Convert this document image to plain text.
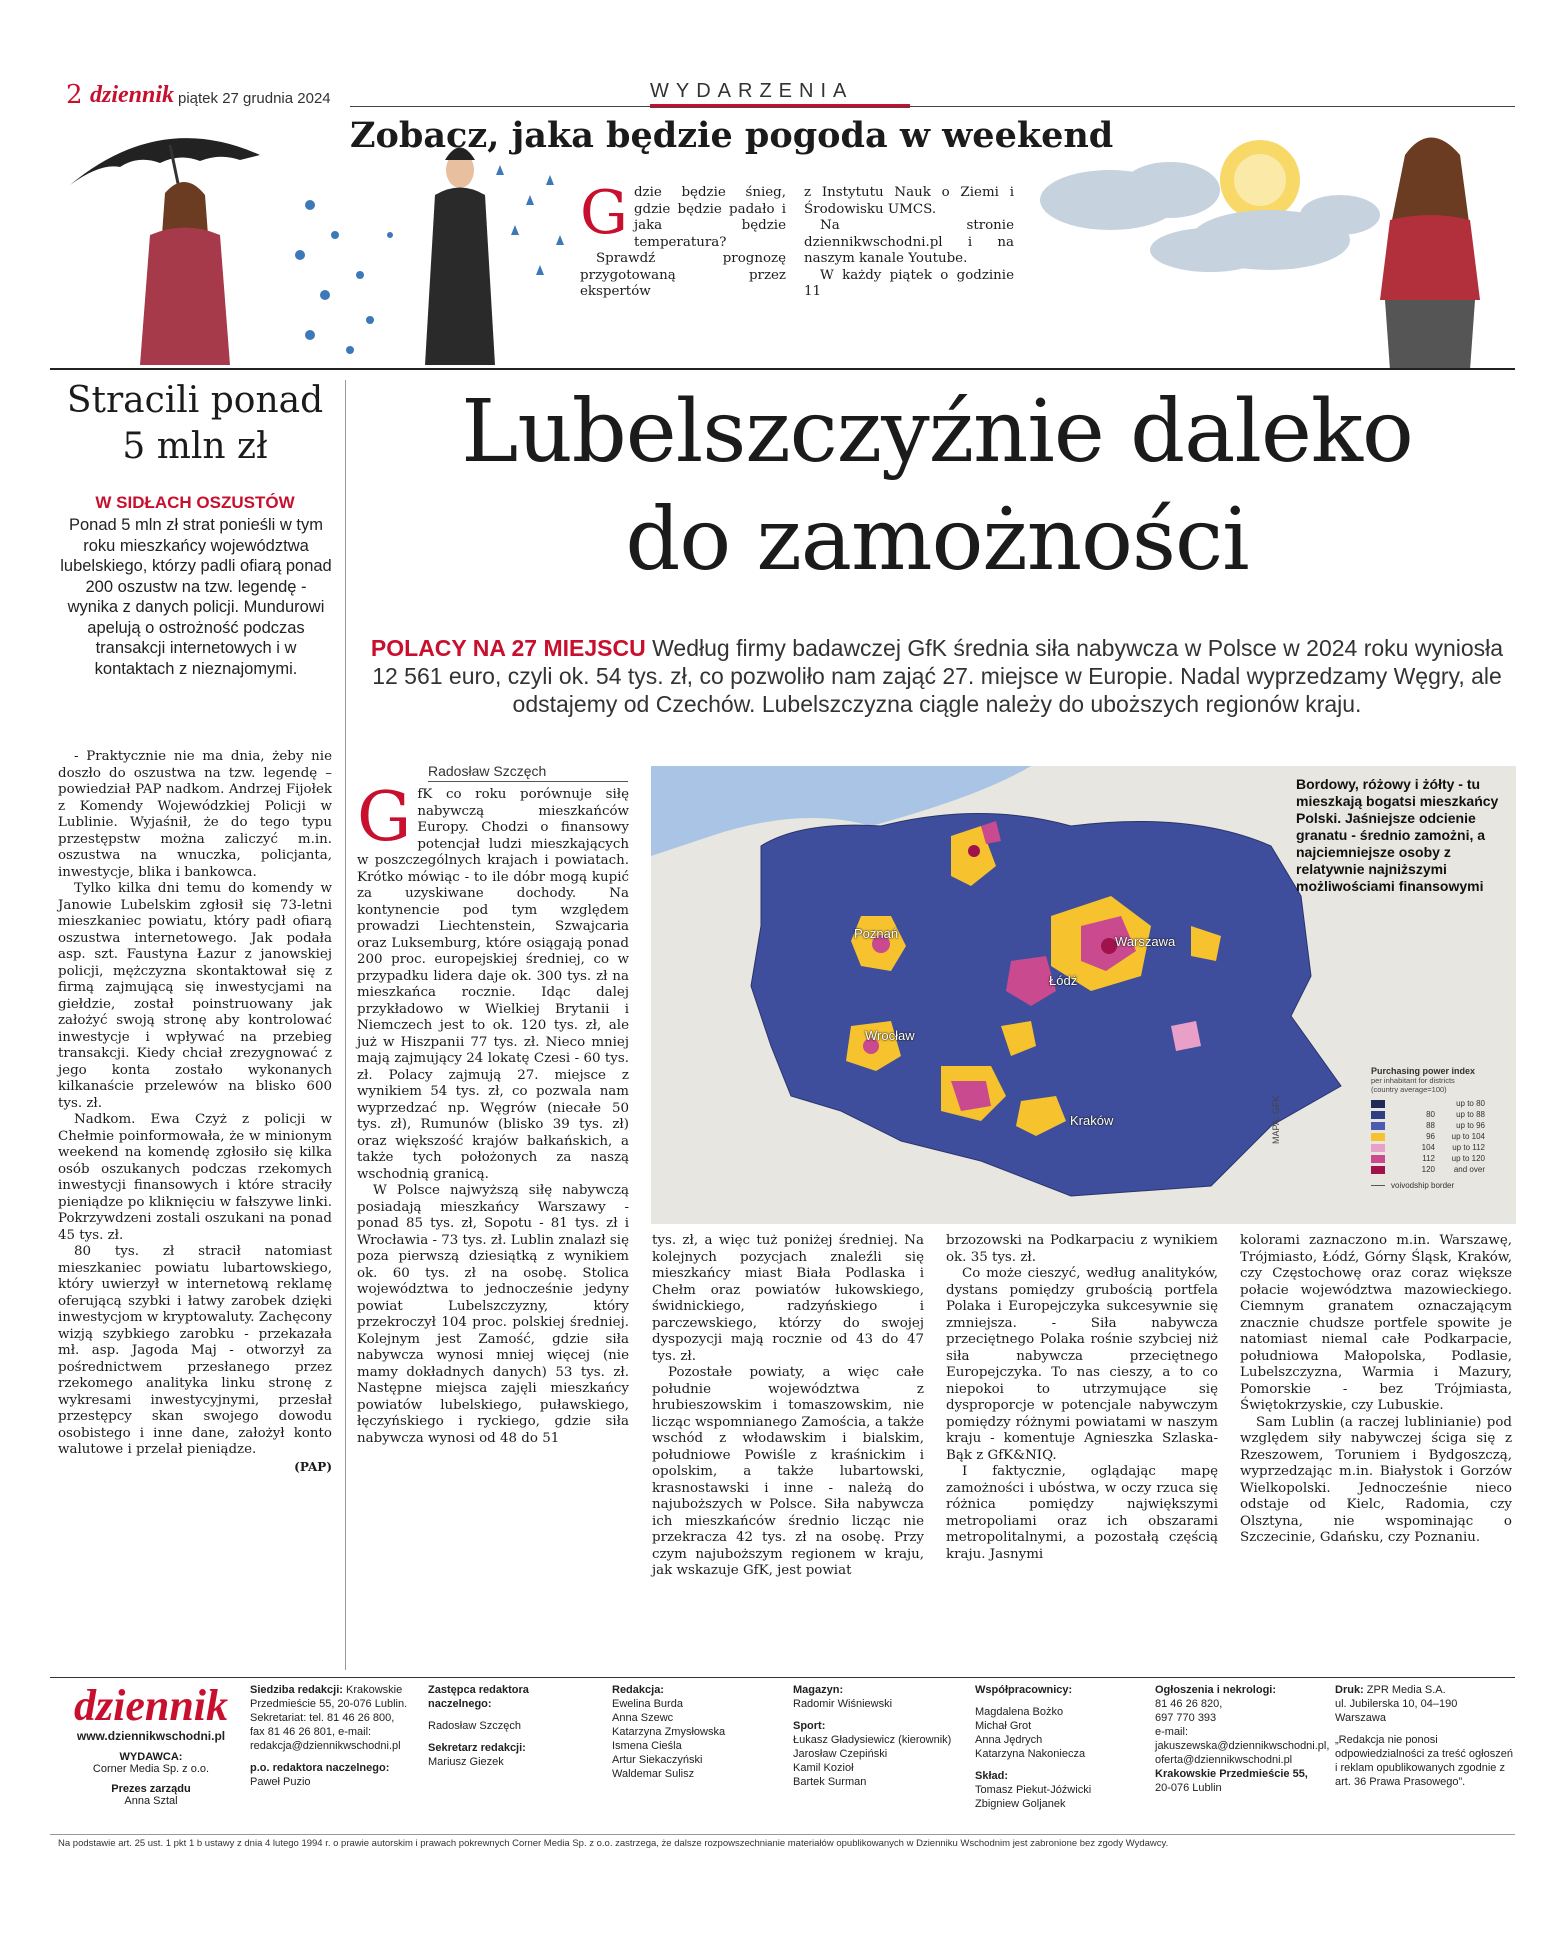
2 dziennik piątek 27 grudnia 2024	WYDARZENIA
Zobacz, jaka będzie pogoda w weekend
G dzie będzie śnieg, gdzie będzie padało i jaka będzie temperatura?
Sprawdź prognozę przygotowaną przez ekspertów
z Instytutu Nauk o Ziemi i Środowisku UMCS.
Na stronie dziennikwschodni.pl i na naszym kanale Youtube.
W każdy piątek o godzinie 11
Stracili ponad
5 mln zł
W SIDŁACH OSZUSTÓW
Ponad 5 mln zł strat ponieśli w tym roku mieszkańcy województwa lubelskiego, którzy padli ofiarą ponad 200 oszustw na tzw. legendę - wynika z danych policji. Mundurowi apelują o ostrożność podczas transakcji internetowych i w kontaktach z nieznajomymi.

- Praktycznie nie ma dnia, żeby nie doszło do oszustwa na tzw. legendę – powiedział PAP nadkom. Andrzej Fijołek z Komendy Wojewódzkiej Policji w Lublinie. Wyjaśnił, że do tego typu przestępstw można zaliczyć m.in. oszustwa na wnuczka, policjanta, inwestycje, blika i bankowca.

Tylko kilka dni temu do komendy w Janowie Lubelskim zgłosił się 73-letni mieszkaniec powiatu, który padł ofiarą oszustwa internetowego. Jak podała asp. szt. Faustyna Łazur z janowskiej policji, mężczyzna skontaktował się z firmą zajmującą się inwestycjami na giełdzie, został poinstruowany jak założyć swoją stronę aby kontrolować inwestycje i wpływać na przebieg transakcji. Kiedy chciał zrezygnować z jego konta zostało wykonanych kilkanaście przelewów na blisko 600 tys. zł.

Nadkom. Ewa Czyż z policji w Chełmie poinformowała, że w minionym weekend na komendę zgłosiło się kilka osób oszukanych podczas rzekomych inwestycji finansowych i które straciły pieniądze po kliknięciu w fałszywe linki. Pokrzywdzeni zostali oszukani na ponad 45 tys. zł.

80 tys. zł stracił natomiast mieszkaniec powiatu lubartowskiego, który uwierzył w internetową reklamę oferującą szybki i łatwy zarobek dzięki inwestycjom w kryptowaluty. Zachęcony wizją szybkiego zarobku - przekazała mł. asp. Jagoda Maj - otworzył za pośrednictwem przesłanego przez rzekomego analityka linku stronę z wykresami inwestycyjnymi, przesłał przestępcy skan swojego dowodu osobistego i inne dane, założył konto walutowe i przelał pieniądze.

(PAP)
Lubelszczyźnie daleko
do zamożności
POLACY NA 27 MIEJSCU Według firmy badawczej GfK średnia siła nabywcza w Polsce w 2024 roku wyniosła 12 561 euro, czyli ok. 54 tys. zł, co pozwoliło nam zająć 27. miejsce w Europie. Nadal wyprzedzamy Węgry, ale odstajemy od Czechów. Lubelszczyzna ciągle należy do uboższych regionów kraju.
Radosław Szczęch
G fK co roku porównuje siłę nabywczą mieszkańców Europy. Chodzi o finansowy potencjał ludzi mieszkających w poszczególnych krajach i powiatach. Krótko mówiąc - to ile dóbr mogą kupić za uzyskiwane dochody. Na kontynencie pod tym względem prowadzi Liechtenstein, Szwajcaria oraz Luksemburg, które osiągają ponad 200 proc. europejskiej średniej, co w przypadku lidera daje ok. 300 tys. zł na mieszkańca rocznie. Idąc dalej przykładowo w Wielkiej Brytanii i Niemczech jest to ok. 120 tys. zł, ale już w Hiszpanii 77 tys. zł. Nieco mniej mają zajmujący 24 lokatę Czesi - 60 tys. zł. Polacy zajmują 27. miejsce z wynikiem 54 tys. zł, co pozwala nam wyprzedzać np. Węgrów (niecałe 50 tys. zł), Rumunów (blisko 39 tys. zł) oraz większość krajów bałkańskich, a także tych położonych za naszą wschodnią granicą.

W Polsce najwyższą siłę nabywczą posiadają mieszkańcy Warszawy - ponad 85 tys. zł, Sopotu - 81 tys. zł i Wrocławia - 73 tys. zł. Lublin znalazł się poza pierwszą dziesiątką z wynikiem ok. 60 tys. zł na osobę. Stolica województwa to jednocześnie jedyny powiat Lubelszczyzny, który przekroczył 104 proc. polskiej średniej. Kolejnym jest Zamość, gdzie siła nabywcza wynosi mniej więcej (nie mamy dokładnych danych) 53 tys. zł. Następne miejsca zajęli mieszkańcy powiatów lubelskiego, puławskiego, łęczyńskiego i ryckiego, gdzie siła nabywcza wynosi od 48 do 51

tys. zł, a więc tuż poniżej średniej. Na kolejnych pozycjach znaleźli się mieszkańcy miast Biała Podlaska i Chełm oraz powiatów łukowskiego, świdnickiego, radzyńskiego i parczewskiego, którzy do swojej dyspozycji mają rocznie od 43 do 47 tys. zł.

Pozostałe powiaty, a więc całe południe województwa z hrubieszowskim i tomaszowskim, nie licząc wspomnianego Zamościa, a także wschód z włodawskim i bialskim, południowe Powiśle z kraśnickim i opolskim, a także lubartowski, krasnostawski i inne - należą do najuboższych w Polsce. Siła nabywcza ich mieszkańców średnio licząc nie przekracza 42 tys. zł na osobę. Przy czym najuboższym regionem w kraju, jak wskazuje GfK, jest powiat

brzozowski na Podkarpaciu z wynikiem ok. 35 tys. zł.

Co może cieszyć, według analityków, dystans pomiędzy grubością portfela Polaka i Europejczyka sukcesywnie się zmniejsza. - Siła nabywcza przeciętnego Polaka rośnie szybciej niż siła nabywcza przeciętnego Europejczyka. To nas cieszy, a to co niepokoi to utrzymujące się dysproporcje w potencjale nabywczym pomiędzy różnymi powiatami w naszym kraju - komentuje Agnieszka Szlaska-Bąk z GfK&NIQ.

I faktycznie, oglądając mapę zamożności i ubóstwa, w oczy rzuca się różnica pomiędzy największymi metropoliami oraz ich obszarami metropolitalnymi, a pozostałą częścią kraju. Jasnymi

kolorami zaznaczono m.in. Warszawę, Trójmiasto, Łódź, Górny Śląsk, Kraków, czy Częstochowę oraz coraz większe połacie województwa mazowieckiego. Ciemnym granatem oznaczającym znacznie chudsze portfele spowite je natomiast niemal całe Podkarpacie, południowa Małopolska, Podlasie, Lubelszczyzna, Warmia i Mazury, Pomorskie - bez Trójmiasta, Świętokrzyskie, czy Lubuskie.

Sam Lublin (a raczej lublinianie) pod względem siły nabywczej ściga się z Rzeszowem, Toruniem i Bydgoszczą, wyprzedzając m.in. Białystok i Gorzów Wielkopolski. Jednocześnie nieco odstaje od Kielc, Radomia, czy Olsztyna, nie wspominając o Szczecinie, Gdańsku, czy Poznaniu.

Poznań
Warszawa
Łódź
Wrocław
Kraków
Bordowy, różowy i żółty - tu mieszkają bogatsi mieszkańcy Polski. Jaśniejsze odcienie granatu - średnio zamożni, a najciemniejsze osoby z relatywnie najniższymi możliwościami finansowymi
MAPA: GFK
Purchasing power index
per inhabitant for districts
(country average=100)
up to 80
80	up to 88
88	up to 96
96	up to 104
104	up to 112
112	up to 120
120	and over
voivodship border
dziennik
www.dziennikwschodni.pl
WYDAWCA:
Corner Media Sp. z o.o.
Prezes zarządu
Anna Sztal
Siedziba redakcji: Krakowskie Przedmieście 55, 20-076 Lublin. Sekretariat: tel. 81 46 26 800, fax 81 46 26 801, e-mail: redakcja@dziennikwschodni.pl
p.o. redaktora naczelnego:
Paweł Puzio
Zastępca redaktora naczelnego:
Radosław Szczęch
Sekretarz redakcji:
Mariusz Giezek
Redakcja:
Ewelina Burda
Anna Szewc
Katarzyna Zmysłowska
Ismena Cieśla
Artur Siekaczyński
Waldemar Sulisz
Magazyn:
Radomir Wiśniewski
Sport:
Łukasz Gładysiewicz (kierownik)
Jarosław Czepiński
Kamil Kozioł
Bartek Surman
Współpracownicy:
Magdalena Bożko
Michał Grot
Anna Jędrych
Katarzyna Nakoniecza
Skład:
Tomasz Piekut-Jóźwicki
Zbigniew Goljanek
Ogłoszenia i nekrologi:
81 46 26 820,
697 770 393
e-mail:
jakuszewska@dziennikwschodni.pl,
oferta@dziennikwschodni.pl
Krakowskie Przedmieście 55,
20-076 Lublin
Druk: ZPR Media S.A.
ul. Jubilerska 10, 04–190
Warszawa
„Redakcja nie ponosi odpowiedzialności za treść ogłoszeń i reklam opublikowanych zgodnie z art. 36 Prawa Prasowego”.
Na podstawie art. 25 ust. 1 pkt 1 b ustawy z dnia 4 lutego 1994 r. o prawie autorskim i prawach pokrewnych Corner Media Sp. z o.o. zastrzega, że dalsze rozpowszechnianie materiałów opublikowanych w Dzienniku Wschodnim jest zabronione bez zgody Wydawcy.
